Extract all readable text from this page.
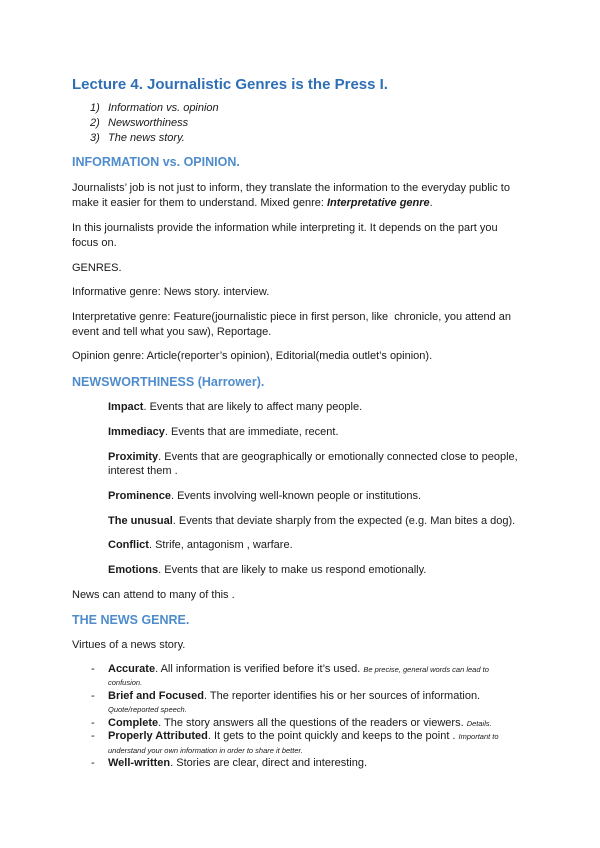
Lecture 4. Journalistic Genres is the Press I.
1) Information vs. opinion
2) Newsworthiness
3) The news story.
INFORMATION vs. OPINION.

Journalists’ job is not just to inform, they translate the information to the everyday public to make it easier for them to understand. Mixed genre: Interpretative genre.

In this journalists provide the information while interpreting it. It depends on the part you focus on.

GENRES.

Informative genre: News story. interview.

Interpretative genre: Feature(journalistic piece in first person, like  chronicle, you attend an event and tell what you saw), Reportage.

Opinion genre: Article(reporter’s opinion), Editorial(media outlet’s opinion).

NEWSWORTHINESS (Harrower).

Impact. Events that are likely to affect many people.

Immediacy. Events that are immediate, recent.

Proximity. Events that are geographically or emotionally connected close to people, interest them .

Prominence. Events involving well-known people or institutions.

The unusual. Events that deviate sharply from the expected (e.g. Man bites a dog).

Conflict. Strife, antagonism , warfare.

Emotions. Events that are likely to make us respond emotionally.

News can attend to many of this .

THE NEWS GENRE.

Virtues of a news story.

- Accurate. All information is verified before it’s used. Be precise, general words can lead to confusion.
- Brief and Focused. The reporter identifies his or her sources of information. Quote/reported speech.
- Complete. The story answers all the questions of the readers or viewers. Details.
- Properly Attributed. It gets to the point quickly and keeps to the point . Important to understand your own information in order to share it better.
- Well-written. Stories are clear, direct and interesting.
